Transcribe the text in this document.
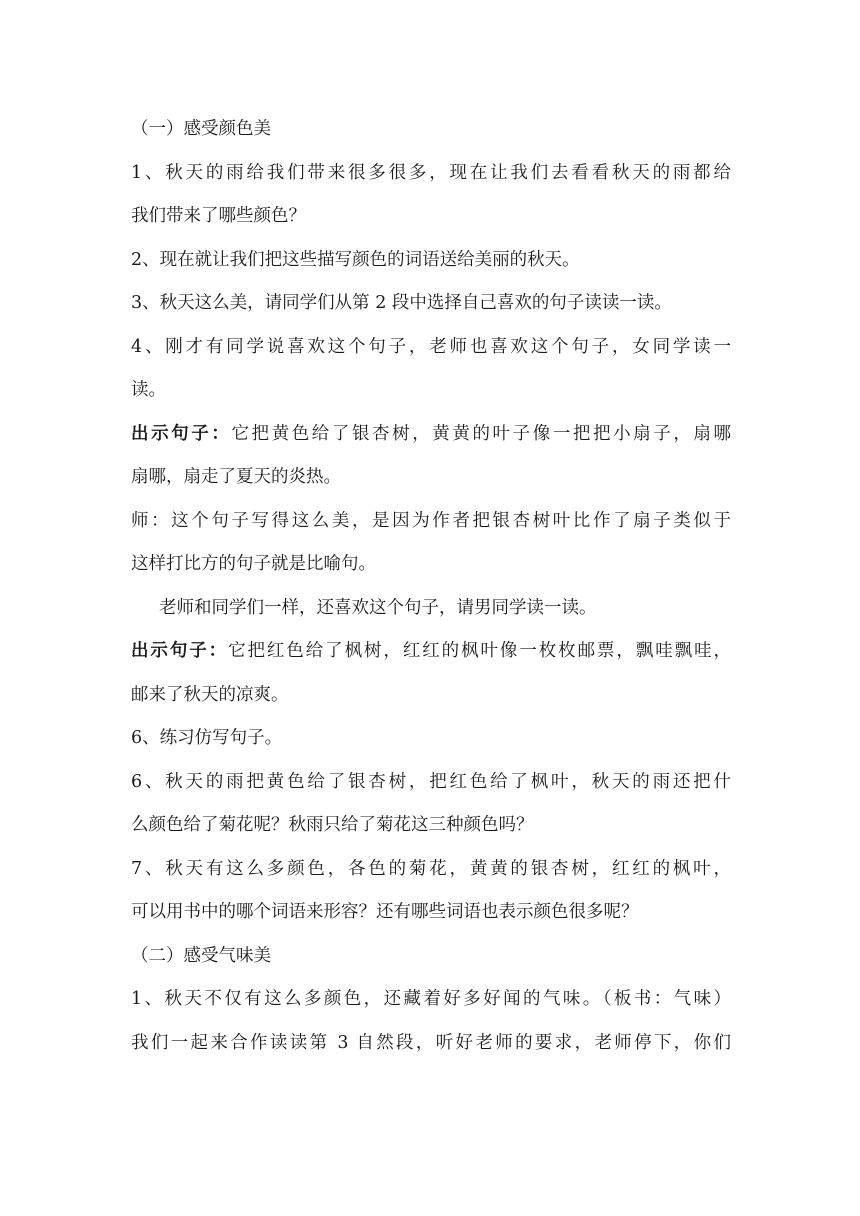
（一）感受颜色美
1、秋天的雨给我们带来很多很多，现在让我们去看看秋天的雨都给
我们带来了哪些颜色？
2、现在就让我们把这些描写颜色的词语送给美丽的秋天。
3、秋天这么美，请同学们从第 2 段中选择自己喜欢的句子读读一读。
4、刚才有同学说喜欢这个句子，老师也喜欢这个句子，女同学读一
读。
出示句子：它把黄色给了银杏树，黄黄的叶子像一把把小扇子，扇哪
扇哪，扇走了夏天的炎热。
师：这个句子写得这么美，是因为作者把银杏树叶比作了扇子类似于
这样打比方的句子就是比喻句。
老师和同学们一样，还喜欢这个句子，请男同学读一读。
出示句子：它把红色给了枫树，红红的枫叶像一枚枚邮票，飘哇飘哇，
邮来了秋天的凉爽。
6、练习仿写句子。
6、秋天的雨把黄色给了银杏树，把红色给了枫叶，秋天的雨还把什
么颜色给了菊花呢？秋雨只给了菊花这三种颜色吗？
7、秋天有这么多颜色，各色的菊花，黄黄的银杏树，红红的枫叶，
可以用书中的哪个词语来形容？还有哪些词语也表示颜色很多呢？
（二）感受气味美
1、秋天不仅有这么多颜色，还藏着好多好闻的气味。（板书：气味）
我们一起来合作读读第 3 自然段，听好老师的要求，老师停下，你们
